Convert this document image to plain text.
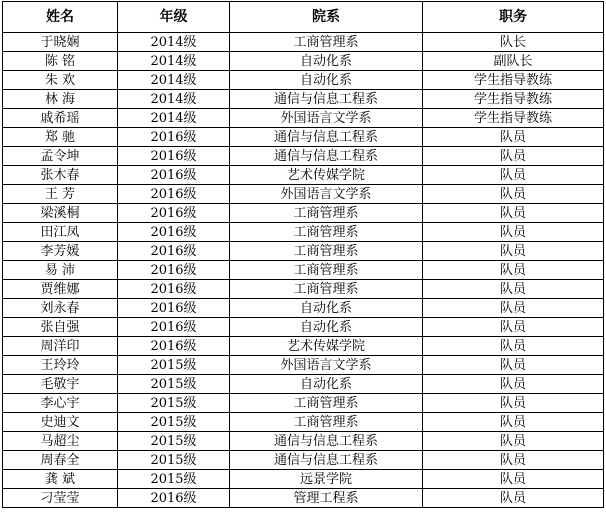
姓名	年级	院系	职务
于晓娴	2014级	工商管理系	队长
陈 铭	2014级	自动化系	副队长
朱 欢	2014级	自动化系	学生指导教练
林 海	2014级	通信与信息工程系	学生指导教练
戚希瑶	2014级	外国语言文学系	学生指导教练
郑 驰	2016级	通信与信息工程系	队员
孟令坤	2016级	通信与信息工程系	队员
张木春	2016级	艺术传媒学院	队员
王 芳	2016级	外国语言文学系	队员
梁溪桐	2016级	工商管理系	队员
田江凤	2016级	工商管理系	队员
李芳媛	2016级	工商管理系	队员
易 沛	2016级	工商管理系	队员
贾维娜	2016级	工商管理系	队员
刘永春	2016级	自动化系	队员
张自强	2016级	自动化系	队员
周洋印	2016级	艺术传媒学院	队员
王玲玲	2015级	外国语言文学系	队员
毛敬宇	2015级	自动化系	队员
李心宇	2015级	工商管理系	队员
史迪文	2015级	工商管理系	队员
马超尘	2015级	通信与信息工程系	队员
周春全	2015级	通信与信息工程系	队员
龚 斌	2015级	远景学院	队员
刁莹莹	2016级	管理工程系	队员
